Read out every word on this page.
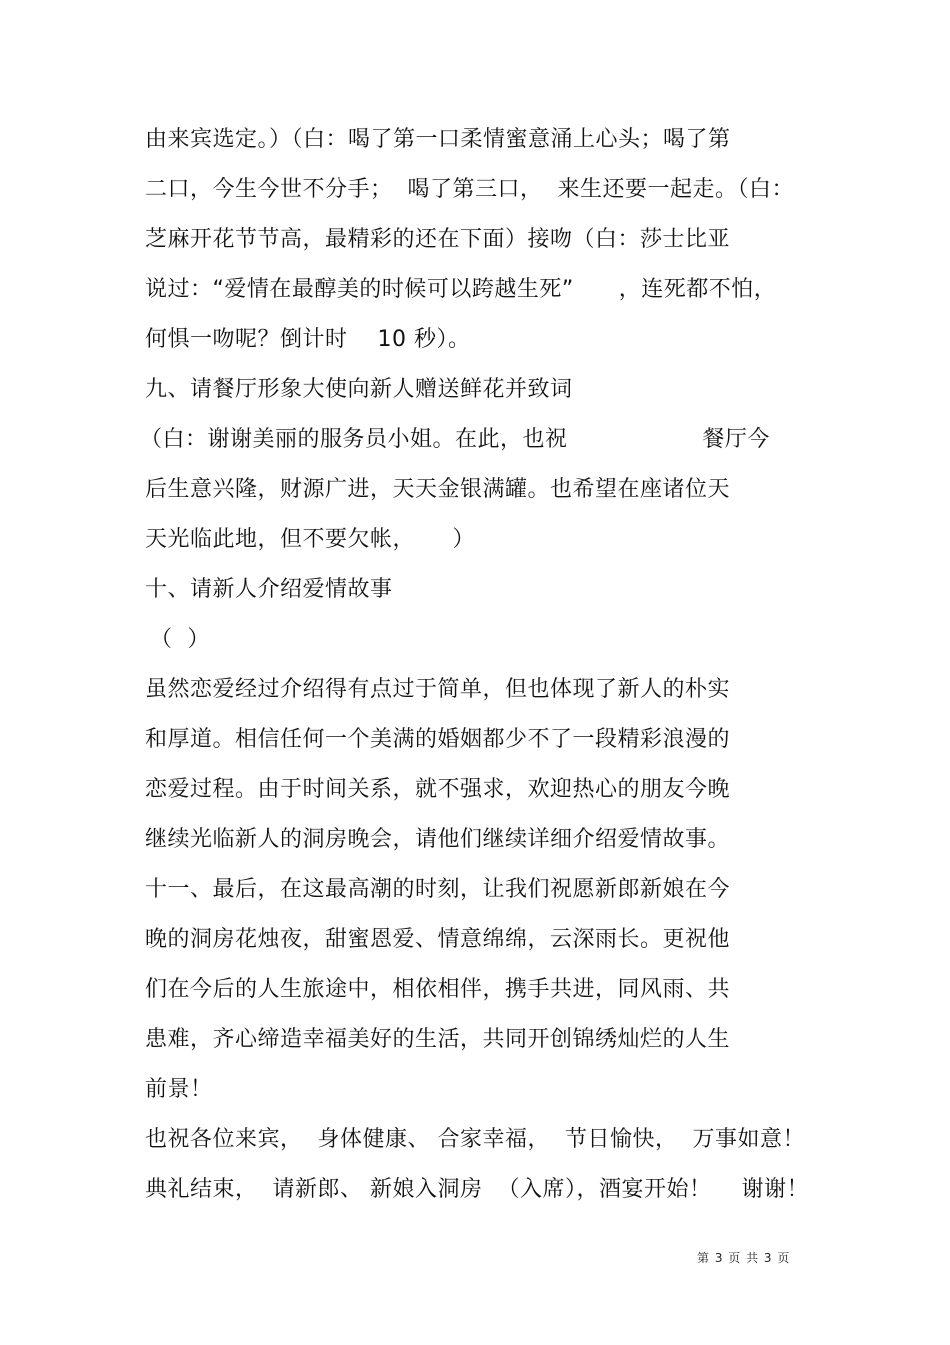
由来宾选定。）（白：喝了第一口柔情蜜意涌上心头；喝了第
二口，今生今世不分手；  喝了第三口，  来生还要一起走。（白：
芝麻开花节节高，最精彩的还在下面）接吻（白：莎士比亚
说过：“爱情在最醇美的时候可以跨越生死”      ，连死都不怕，
何惧一吻呢？倒计时    10 秒）。
九、请餐厅形象大使向新人赠送鲜花并致词
（白：谢谢美丽的服务员小姐。在此，也祝                  餐厅今
后生意兴隆，财源广进，天天金银满罐。也希望在座诸位天
天光临此地，但不要欠帐，     ）
十、请新人介绍爱情故事
（  ）
虽然恋爱经过介绍得有点过于简单，但也体现了新人的朴实
和厚道。相信任何一个美满的婚姻都少不了一段精彩浪漫的
恋爱过程。由于时间关系，就不强求，欢迎热心的朋友今晚
继续光临新人的洞房晚会，请他们继续详细介绍爱情故事。
十一、最后，在这最高潮的时刻，让我们祝愿新郎新娘在今
晚的洞房花烛夜，甜蜜恩爱、情意绵绵，云深雨长。更祝他
们在今后的人生旅途中，相依相伴，携手共进，同风雨、共
患难，齐心缔造幸福美好的生活，共同开创锦绣灿烂的人生
前景！
也祝各位来宾，  身体健康、 合家幸福，  节日愉快，  万事如意！
典礼结束，  请新郎、 新娘入洞房  （入席），酒宴开始！    谢谢！
第 3 页 共 3 页
